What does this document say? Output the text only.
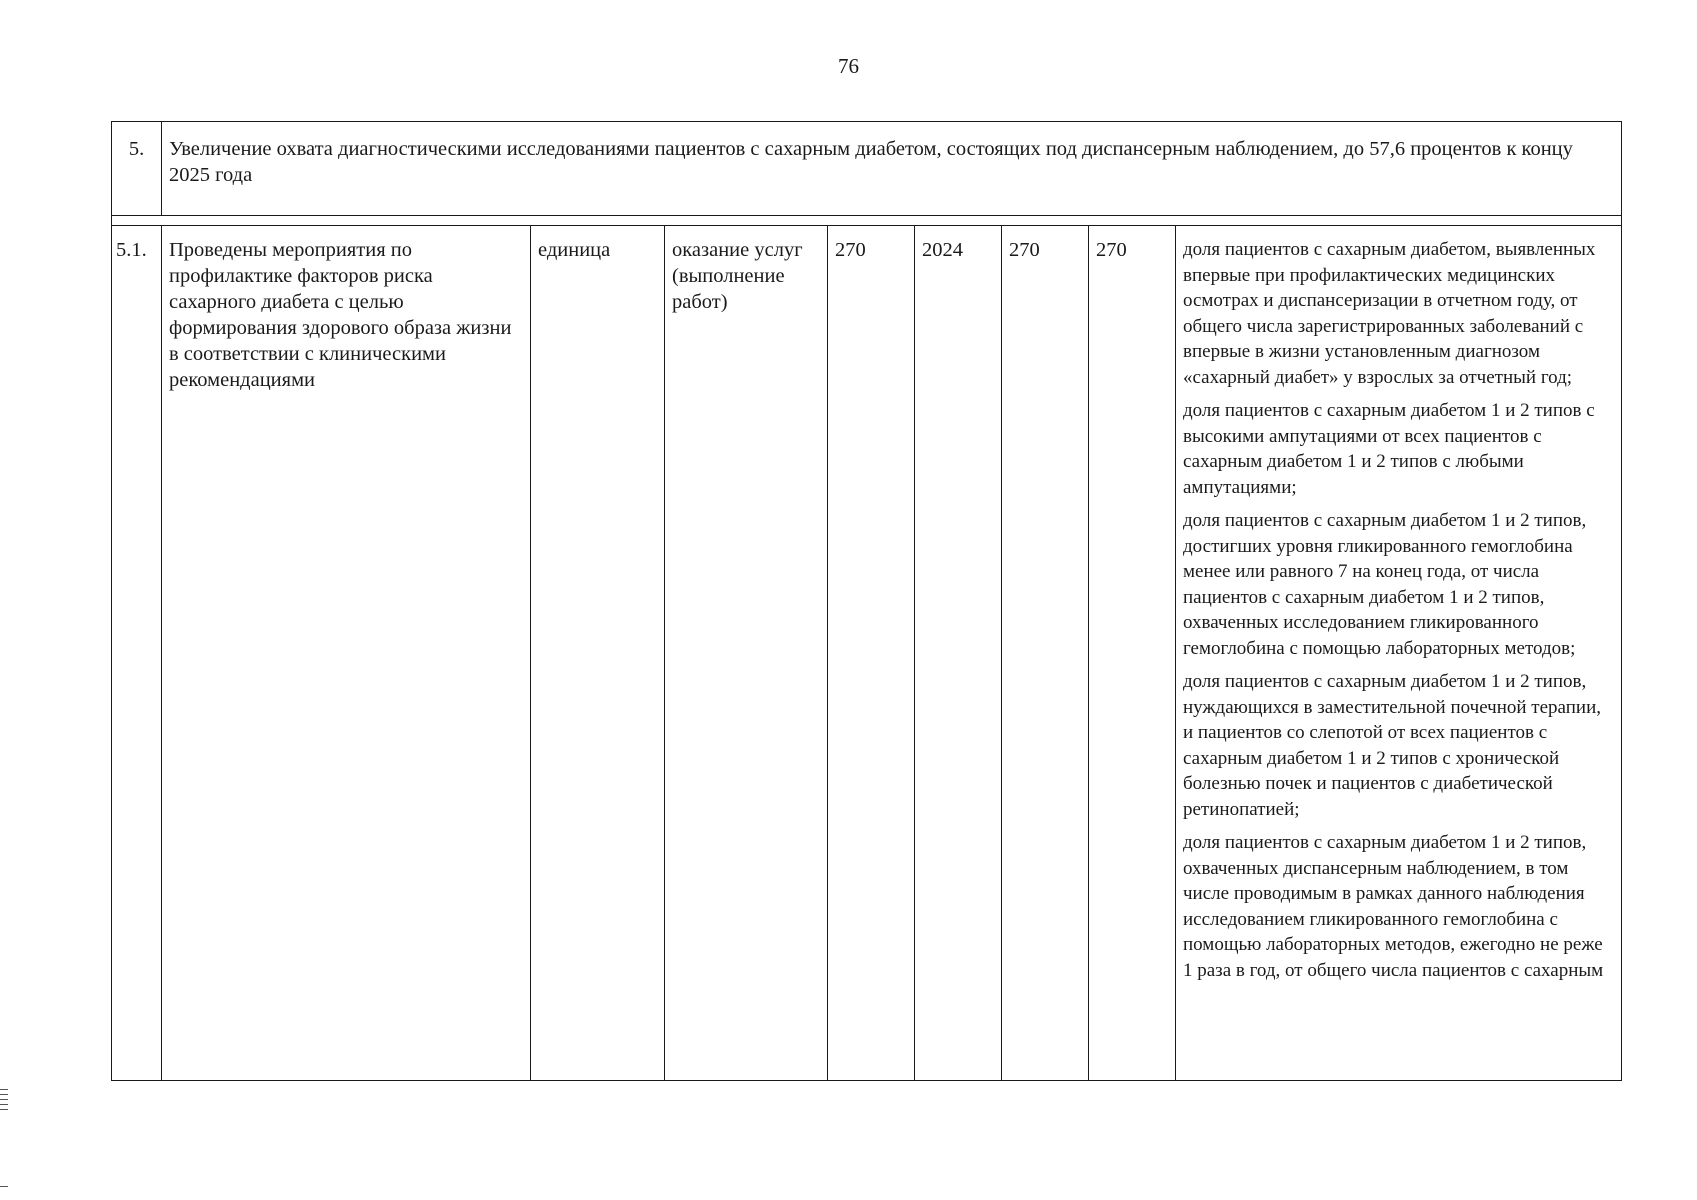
76
5.	Увеличение охвата диагностическими исследованиями пациентов с сахарным диабетом, состоящих под диспансерным наблюдением, до 57,6 процентов к концу 2025 года							

5.1.	Проведены мероприятия по профилактике факторов риска сахарного диабета с целью формирования здорового образа жизни в соответствии с клиническими рекомендациями	единица	оказание услуг (выполнение работ)	270	2024	270	270	доля пациентов с сахарным диабетом, выявленных впервые при профилактических медицинских осмотрах и диспансеризации в отчетном году, от общего числа зарегистрированных заболеваний с впервые в жизни установленным диагнозом «сахарный диабет» у взрослых за отчетный год;

доля пациентов с сахарным диабетом 1 и 2 типов с высокими ампутациями от всех пациентов с сахарным диабетом 1 и 2 типов с любыми ампутациями;

доля пациентов с сахарным диабетом 1 и 2 типов, достигших уровня гликированного гемоглобина менее или равного 7 на конец года, от числа пациентов с сахарным диабетом 1 и 2 типов, охваченных исследованием гликированного гемоглобина с помощью лабораторных методов;

доля пациентов с сахарным диабетом 1 и 2 типов, нуждающихся в заместительной почечной терапии, и пациентов со слепотой от всех пациентов с сахарным диабетом 1 и 2 типов с хронической болезнью почек и пациентов с диабетической ретинопатией;

доля пациентов с сахарным диабетом 1 и 2 типов, охваченных диспансерным наблюдением, в том числе проводимым в рамках данного наблюдения исследованием гликированного гемоглобина с помощью лабораторных методов, ежегодно не реже 1 раза в год, от общего числа пациентов с сахарным
